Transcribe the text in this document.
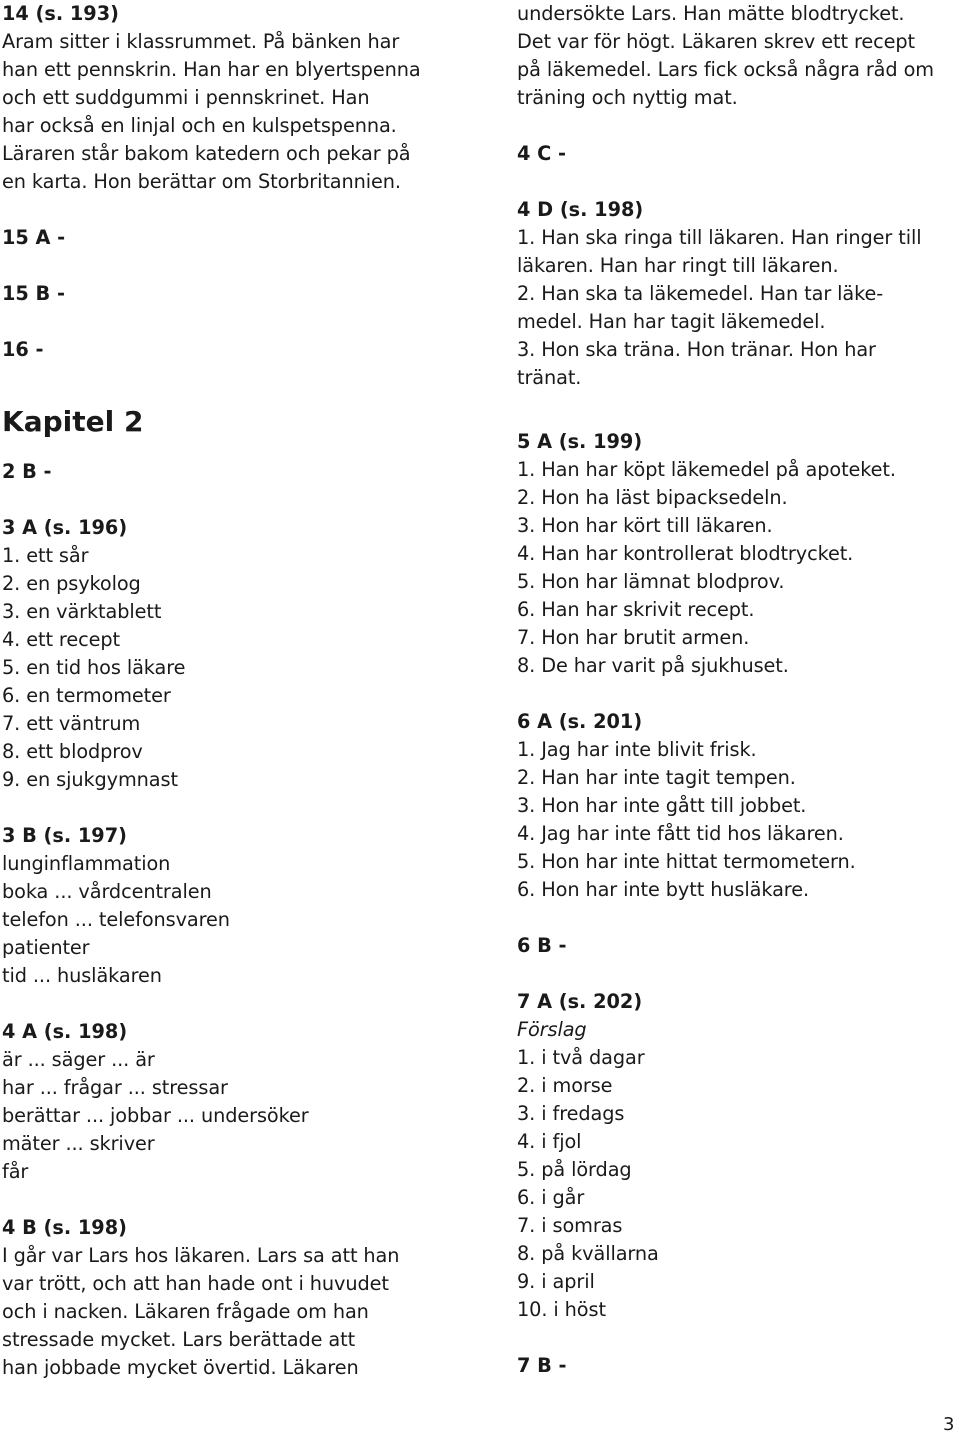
14 (s. 193)
Aram sitter i klassrummet. På bänken har
han ett pennskrin. Han har en blyertspenna
och ett suddgummi i pennskrinet. Han
har också en linjal och en kulspetspenna.
Läraren står bakom katedern och pekar på
en karta. Hon berättar om Storbritannien.
15 A -
15 B -
16 -
Kapitel 2
2 B -
3 A (s. 196)
1. ett sår
2. en psykolog
3. en värktablett
4. ett recept
5. en tid hos läkare
6. en termometer
7. ett väntrum
8. ett blodprov
9. en sjukgymnast
3 B (s. 197)
lunginflammation
boka ... vårdcentralen
telefon ... telefonsvaren
patienter
tid ... husläkaren
4 A (s. 198)
är ... säger ... är
har ... frågar ... stressar
berättar ... jobbar ... undersöker
mäter ... skriver
får
4 B (s. 198)
I går var Lars hos läkaren. Lars sa att han
var trött, och att han hade ont i huvudet
och i nacken. Läkaren frågade om han
stressade mycket. Lars berättade att
han jobbade mycket övertid. Läkaren
undersökte Lars. Han mätte blodtrycket.
Det var för högt. Läkaren skrev ett recept
på läkemedel. Lars fick också några råd om
träning och nyttig mat.
4 C -
4 D (s. 198)
1. Han ska ringa till läkaren. Han ringer till
läkaren. Han har ringt till läkaren.
2. Han ska ta läkemedel. Han tar läke-
medel. Han har tagit läkemedel.
3. Hon ska träna. Hon tränar. Hon har
tränat.
5 A (s. 199)
1. Han har köpt läkemedel på apoteket.
2. Hon ha läst bipacksedeln.
3. Hon har kört till läkaren.
4. Han har kontrollerat blodtrycket.
5. Hon har lämnat blodprov.
6. Han har skrivit recept.
7. Hon har brutit armen.
8. De har varit på sjukhuset.
6 A (s. 201)
1. Jag har inte blivit frisk.
2. Han har inte tagit tempen.
3. Hon har inte gått till jobbet.
4. Jag har inte fått tid hos läkaren.
5. Hon har inte hittat termometern.
6. Hon har inte bytt husläkare.
6 B -
7 A (s. 202)
Förslag
1. i två dagar
2. i morse
3. i fredags
4. i fjol
5. på lördag
6. i går
7. i somras
8. på kvällarna
9. i april
10. i höst
7 B -
3
